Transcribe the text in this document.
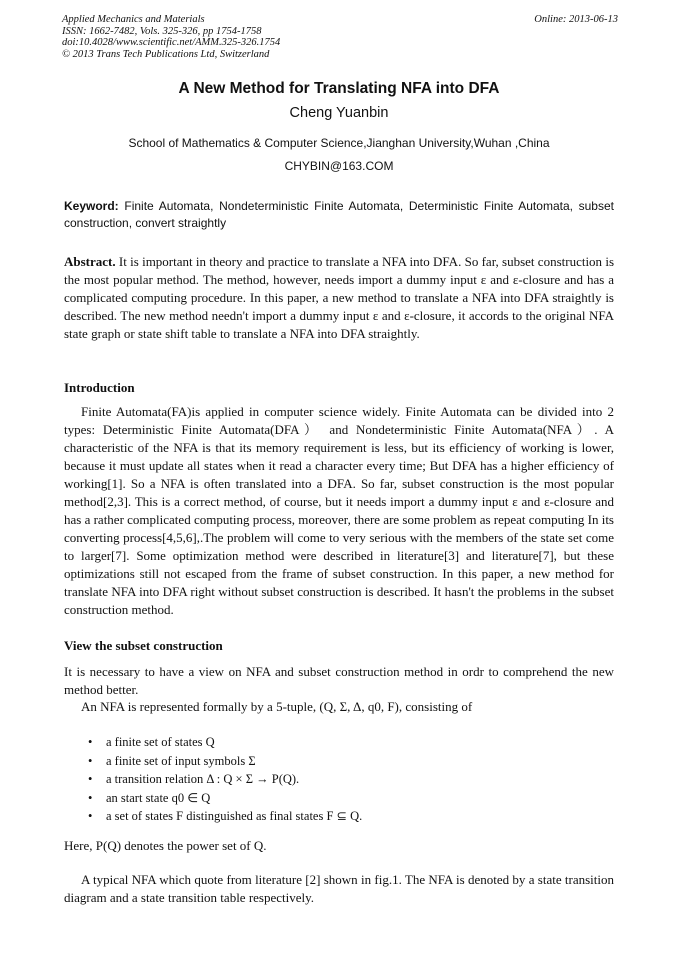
Applied Mechanics and Materials
ISSN: 1662-7482, Vols. 325-326, pp 1754-1758
doi:10.4028/www.scientific.net/AMM.325-326.1754
© 2013 Trans Tech Publications Ltd, Switzerland
Online: 2013-06-13
A New Method for Translating NFA into DFA
Cheng Yuanbin
School of Mathematics & Computer Science,Jianghan University,Wuhan ,China
CHYBIN@163.COM
Keyword: Finite Automata, Nondeterministic Finite Automata, Deterministic Finite Automata, subset construction, convert straightly
Abstract. It is important in theory and practice to translate a NFA into DFA. So far, subset construction is the most popular method. The method, however, needs import a dummy input ε and ε-closure and has a complicated computing procedure. In this paper, a new method to translate a NFA into DFA straightly is described. The new method needn't import a dummy input ε and ε-closure, it accords to the original NFA state graph or state shift table to translate a NFA into DFA straightly.
Introduction

Finite Automata(FA)is applied in computer science widely. Finite Automata can be divided into 2 types: Deterministic Finite Automata(DFA） and Nondeterministic Finite Automata(NFA）. A characteristic of the NFA is that its memory requirement is less, but its efficiency of working is lower, because it must update all states when it read a character every time; But DFA has a higher efficiency of working[1]. So a NFA is often translated into a DFA. So far, subset construction is the most popular method[2,3]. This is a correct method, of course, but it needs import a dummy input ε and ε-closure and has a rather complicated computing process, moreover, there are some problem as repeat computing In its converting process[4,5,6],.The problem will come to very serious with the members of the state set come to larger[7]. Some optimization method were described in literature[3] and literature[7], but these optimizations still not escaped from the frame of subset construction. In this paper, a new method for translate NFA into DFA right without subset construction is described. It hasn't the problems in the subset construction method.

View the subset construction

It is necessary to have a view on NFA and subset construction method in ordr to comprehend the new method better.

An NFA is represented formally by a 5-tuple, (Q, Σ, Δ, q0, F), consisting of

• a finite set of states Q
• a finite set of input symbols Σ
• a transition relation Δ : Q × Σ → P(Q).
• an start state q0 ∈ Q
• a set of states F distinguished as final states F ⊆ Q.

Here, P(Q) denotes the power set of Q.

A typical NFA which quote from literature [2] shown in fig.1. The NFA is denoted by a state transition diagram and a state transition table respectively.
